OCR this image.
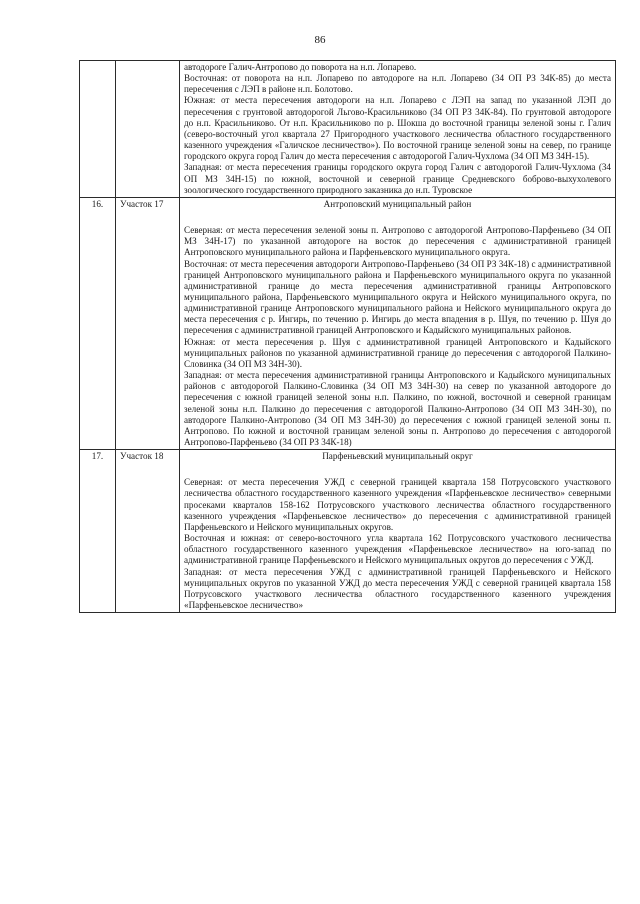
86

		автодороге Галич-Антропово до поворота на н.п. Лопарево.

Восточная: от поворота на н.п. Лопарево по автодороге на н.п. Лопарево (34 ОП РЗ 34К-85) до места пересечения с ЛЭП в районе н.п. Болотово.

Южная: от места пересечения автодороги на н.п. Лопарево с ЛЭП на запад по указанной ЛЭП до пересечения с грунтовой автодорогой Льгово-Красильниково (34 ОП РЗ 34К-84). По грунтовой автодороге до н.п. Красильниково. От н.п. Красильниково по р. Шокша до восточной границы зеленой зоны г. Галич (северо-восточный угол квартала 27 Пригородного участкового лесничества областного государственного казенного учреждения «Галичское лесничество»). По восточной границе зеленой зоны на север, по границе городского округа город Галич до места пересечения с автодорогой Галич-Чухлома (34 ОП МЗ 34Н-15).

Западная: от места пересечения границы городского округа город Галич с автодорогой Галич-Чухлома (34 ОП МЗ 34Н-15) по южной, восточной и северной границе Средневского боброво-выхухолевого зоологического государственного природного заказника до н.п. Туровское

16.	Участок 17	Антроповский муниципальный район

Северная: от места пересечения зеленой зоны п. Антропово с автодорогой Антропово-Парфеньево (34 ОП МЗ 34Н-17) по указанной автодороге на восток до пересечения с административной границей Антроповского муниципального района и Парфеньевского муниципального округа.

Восточная: от места пересечения автодороги Антропово-Парфеньево (34 ОП РЗ 34К-18) с административной границей Антроповского муниципального района и Парфеньевского муниципального округа по указанной административной границе до места пересечения административной границы Антроповского муниципального района, Парфеньевского муниципального округа и Нейского муниципального округа, по административной границе Антроповского муниципального района и Нейского муниципального округа до места пересечения с р. Ингирь, по течению р. Ингирь до места впадения в р. Шуя, по течению р. Шуя до пересечения с административной границей Антроповского и Кадыйского муниципальных районов.

Южная: от места пересечения р. Шуя с административной границей Антроповского и Кадыйского муниципальных районов по указанной административной границе до пересечения с автодорогой Палкино-Словинка (34 ОП МЗ 34Н-30).

Западная: от места пересечения административной границы Антроповского и Кадыйского муниципальных районов с автодорогой Палкино-Словинка (34 ОП МЗ 34Н-30) на север по указанной автодороге до пересечения с южной границей зеленой зоны н.п. Палкино, по южной, восточной и северной границам зеленой зоны н.п. Палкино до пересечения с автодорогой Палкино-Антропово (34 ОП МЗ 34Н-30), по автодороге Палкино-Антропово (34 ОП МЗ 34Н-30) до пересечения с южной границей зеленой зоны п. Антропово. По южной и восточной границам зеленой зоны п. Антропово до пересечения с автодорогой Антропово-Парфеньево (34 ОП РЗ 34К-18)

17.	Участок 18	Парфеньевский муниципальный округ

Северная: от места пересечения УЖД с северной границей квартала 158 Потрусовского участкового лесничества областного государственного казенного учреждения «Парфеньевское лесничество» северными просеками кварталов 158-162 Потрусовского участкового лесничества областного государственного казенного учреждения «Парфеньевское лесничество» до пересечения с административной границей Парфеньевского и Нейского муниципальных округов.

Восточная и южная: от северо-восточного угла квартала 162 Потрусовского участкового лесничества областного государственного казенного учреждения «Парфеньевское лесничество» на юго-запад по административной границе Парфеньевского и Нейского муниципальных округов до пересечения с УЖД.

Западная: от места пересечения УЖД с административной границей Парфеньевского и Нейского муниципальных округов по указанной УЖД до места пересечения УЖД с северной границей квартала 158 Потрусовского участкового лесничества областного государственного казенного учреждения «Парфеньевское лесничество»
